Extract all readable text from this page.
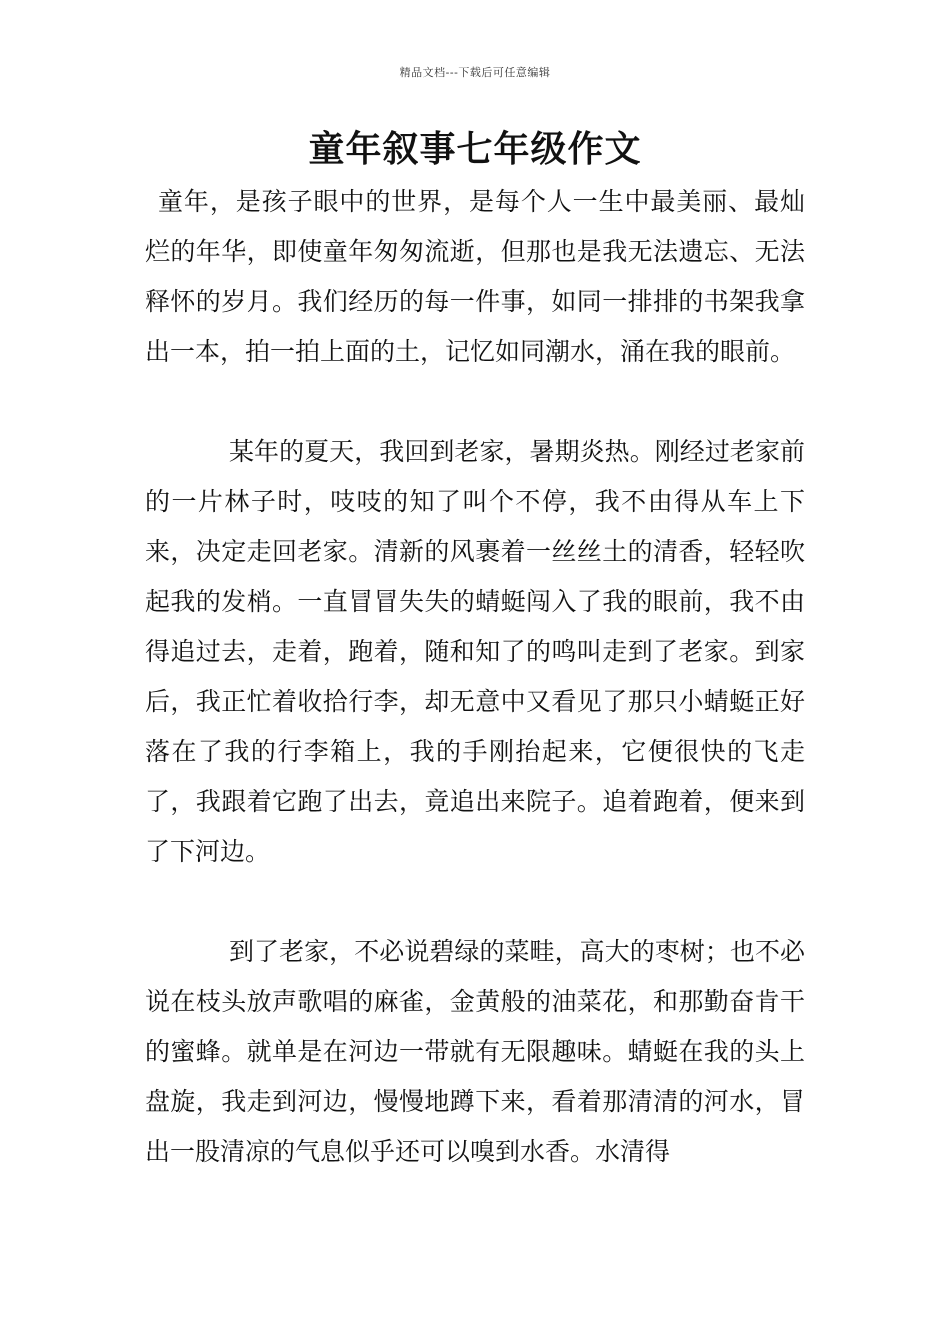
精品文档---下载后可任意编辑
童年叙事七年级作文

童年，是孩子眼中的世界，是每个人一生中最美丽、最灿烂的年华，即使童年匆匆流逝，但那也是我无法遗忘、无法释怀的岁月。我们经历的每一件事，如同一排排的书架我拿出一本，拍一拍上面的土，记忆如同潮水，涌在我的眼前。

某年的夏天，我回到老家，暑期炎热。刚经过老家前的一片林子时，吱吱的知了叫个不停，我不由得从车上下来，决定走回老家。清新的风裹着一丝丝土的清香，轻轻吹起我的发梢。一直冒冒失失的蜻蜓闯入了我的眼前，我不由得追过去，走着，跑着，随和知了的鸣叫走到了老家。到家后，我正忙着收拾行李，却无意中又看见了那只小蜻蜓正好落在了我的行李箱上，我的手刚抬起来，它便很快的飞走了，我跟着它跑了出去，竟追出来院子。追着跑着，便来到了下河边。

到了老家，不必说碧绿的菜畦，高大的枣树；也不必说在枝头放声歌唱的麻雀，金黄般的油菜花，和那勤奋肯干的蜜蜂。就单是在河边一带就有无限趣味。蜻蜓在我的头上盘旋，我走到河边，慢慢地蹲下来，看着那清清的河水，冒出一股清凉的气息似乎还可以嗅到水香。水清得
